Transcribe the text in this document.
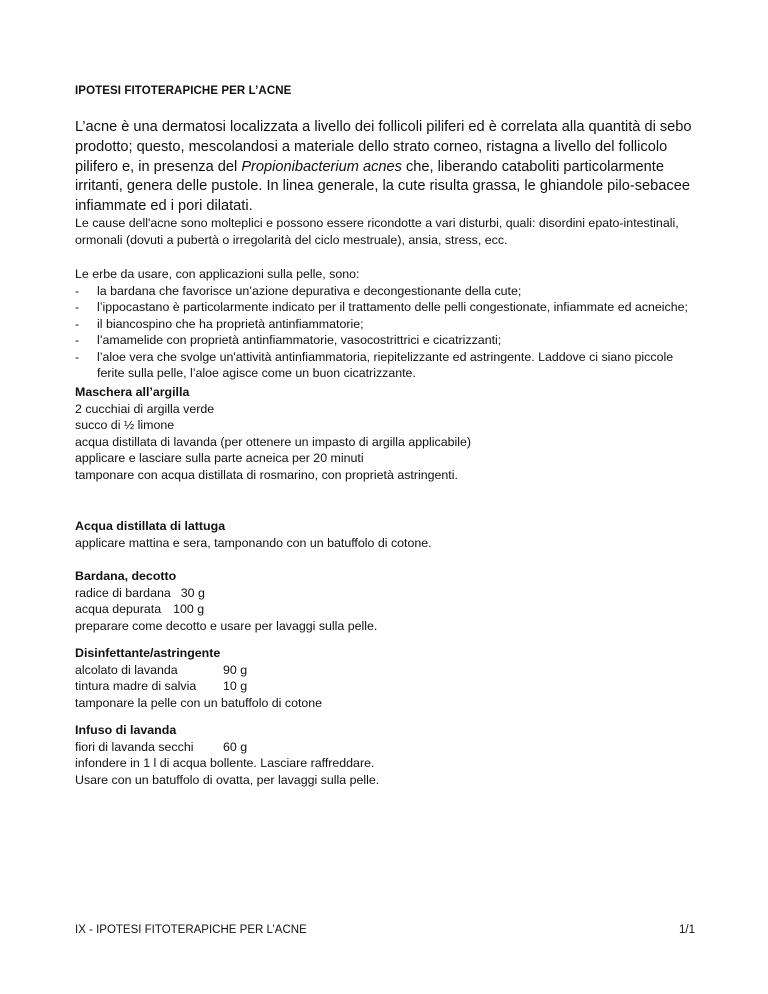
IPOTESI FITOTERAPICHE PER L’ACNE
L’acne è una dermatosi localizzata a livello dei follicoli piliferi ed è correlata alla quantità di sebo prodotto; questo, mescolandosi a materiale dello strato corneo, ristagna a livello del follicolo pilifero e, in presenza del Propionibacterium acnes che, liberando cataboliti particolarmente irritanti, genera delle pustole. In linea generale, la cute risulta grassa, le ghiandole pilo-sebacee infiammate ed i pori dilatati.
Le cause dell'acne sono molteplici e possono essere ricondotte a vari disturbi, quali: disordini epato-intestinali, ormonali (dovuti a pubertà o irregolarità del ciclo mestruale), ansia, stress, ecc.
Le erbe da usare, con applicazioni sulla pelle, sono:
- la bardana che favorisce un’azione depurativa e decongestionante della cute;
- l’ippocastano è particolarmente indicato per il trattamento delle pelli congestionate, infiammate ed acneiche;
- il biancospino che ha proprietà antinfiammatorie;
- l’amamelide con proprietà antinfiammatorie, vasocostrittrici e cicatrizzanti;
- l’aloe vera che svolge un'attività antinfiammatoria, riepitelizzante ed astringente. Laddove ci siano piccole ferite sulla pelle, l’aloe agisce come un buon cicatrizzante.
Maschera all’argilla
2 cucchiai di argilla verde
succo di ½ limone
acqua distillata di lavanda (per ottenere un impasto di argilla applicabile)
applicare e lasciare sulla parte acneica per 20 minuti
tamponare con acqua distillata di rosmarino, con proprietà astringenti.
Acqua distillata di lattuga
applicare mattina e sera, tamponando con un batuffolo di cotone.
Bardana, decotto
radice di bardana 30 g
acqua depurata 100 g
preparare come decotto e usare per lavaggi sulla pelle.
Disinfettante/astringente
alcolato di lavanda	90 g
tintura madre di salvia	10 g
tamponare la pelle con un batuffolo di cotone
Infuso di lavanda
fiori di lavanda secchi	60 g
infondere in 1 l di acqua bollente. Lasciare raffreddare.
Usare con un batuffolo di ovatta, per lavaggi sulla pelle.
IX - IPOTESI FITOTERAPICHE PER L’ACNE	1/1
